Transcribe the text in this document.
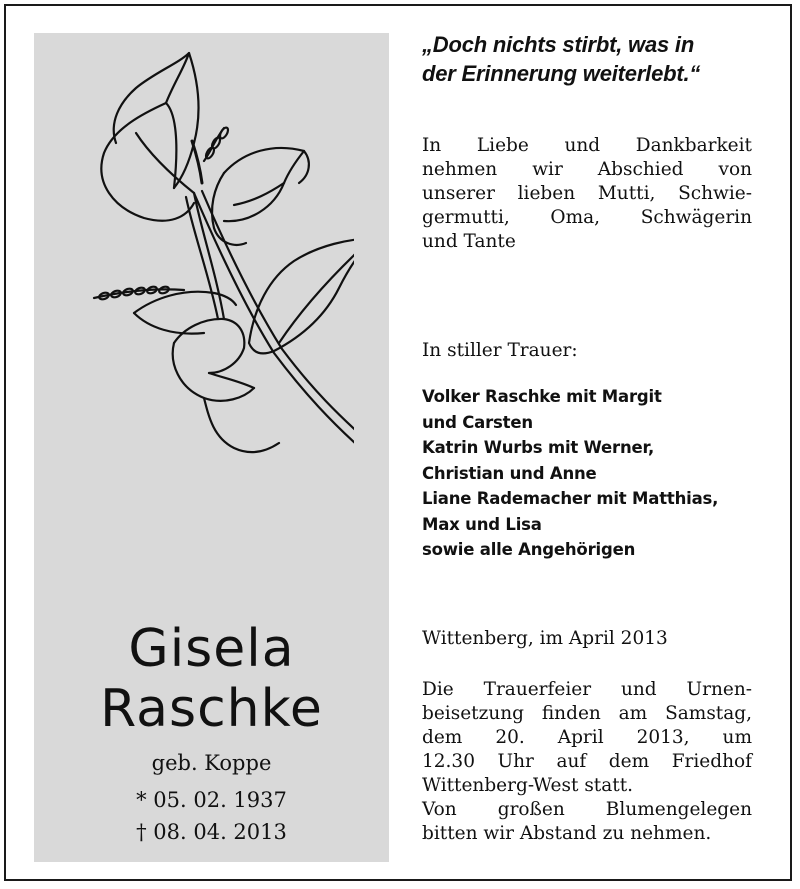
Gisela
Raschke
geb. Koppe
* 05. 02. 1937
† 08. 04. 2013
„Doch nichts stirbt, was in
der Erinnerung weiterlebt.“
In Liebe und Dankbarkeit
nehmen wir Abschied von
unserer lieben Mutti, Schwie-
germutti, Oma, Schwägerin
und Tante
In stiller Trauer:
Volker Raschke mit Margit
und Carsten
Katrin Wurbs mit Werner,
Christian und Anne
Liane Rademacher mit Matthias,
Max und Lisa
sowie alle Angehörigen
Wittenberg, im April 2013
Die Trauerfeier und Urnen-
beisetzung finden am Samstag,
dem 20. April 2013, um
12.30 Uhr auf dem Friedhof
Wittenberg-West statt.
Von großen Blumengelegen
bitten wir Abstand zu nehmen.
